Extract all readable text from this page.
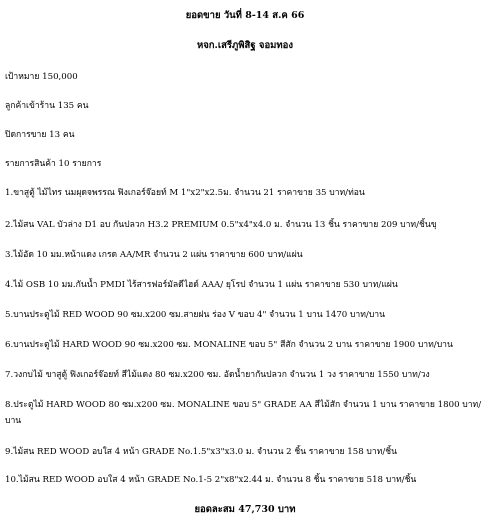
ยอดขาย วันที่ 8-14 ส.ค 66
หจก.เสรีภูพิสิฐ จอมทอง
เป้าหมาย 150,000
ลูกค้าเข้าร้าน 135 คน
ปิดการขาย 13 คน
รายการสินค้า 10 รายการ
1.ขาสูตู้ ไม้ไทร นมผุดจพรรณ ฟิงเกอร์จ๊อยท์ M 1"x2"x2.5ม. จำนวน 21 ราคาขาย 35 บาท/ท่อน
2.ไม้สน VAL บัวล่าง D1 อบ กันปลวก H3.2 PREMIUM 0.5"x4"x4.0 ม. จำนวน 13 ชิ้น ราคาขาย 209 บาท/ชิ้นขุ
3.ไม้อัด 10 มม.หน้าแดง เกรด AA/MR จำนวน 2 แผ่น ราคาขาย 600 บาท/แผ่น
4.ไม้ OSB 10 มม.กันน้ำ PMDI ไร้สารฟอร์มัลดีไฮด์ AAA/ ยุโรป จำนวน 1 แผ่น ราคาขาย 530 บาท/แผ่น
5.บานประตูไม้ RED WOOD 90 ซม.x200 ซม.สายฝน ร่อง V ขอบ 4" จำนวน 1 บาน 1470 บาท/บาน
6.บานประตูไม้ HARD WOOD 90 ซม.x200 ซม. MONALINE ขอบ 5" สีสัก จำนวน 2 บาน ราคาขาย 1900 บาท/บาน
7.วงกบไม้ ขาสูตู้ ฟิงเกอร์จ๊อยท์ สีไม้แดง 80 ซม.x200 ซม. อัดน้ำยากันปลวก จำนวน 1 วง ราคาขาย 1550 บาท/วง
8.ประตูไม้ HARD WOOD 80 ซม.x200 ซม. MONALINE ขอบ 5" GRADE AA สีไม้สัก จำนวน 1 บาน ราคาขาย 1800 บาท/บาน
9.ไม้สน RED WOOD อบใส 4 หน้า GRADE No.1.5"x3"x3.0 ม. จำนวน 2 ชิ้น ราคาขาย 158 บาท/ชิ้น
10.ไม้สน RED WOOD อบใส 4 หน้า GRADE No.1-5 2"x8"x2.44 ม. จำนวน 8 ชิ้น ราคาขาย 518 บาท/ชิ้น
ยอดละสม 47,730 บาท
